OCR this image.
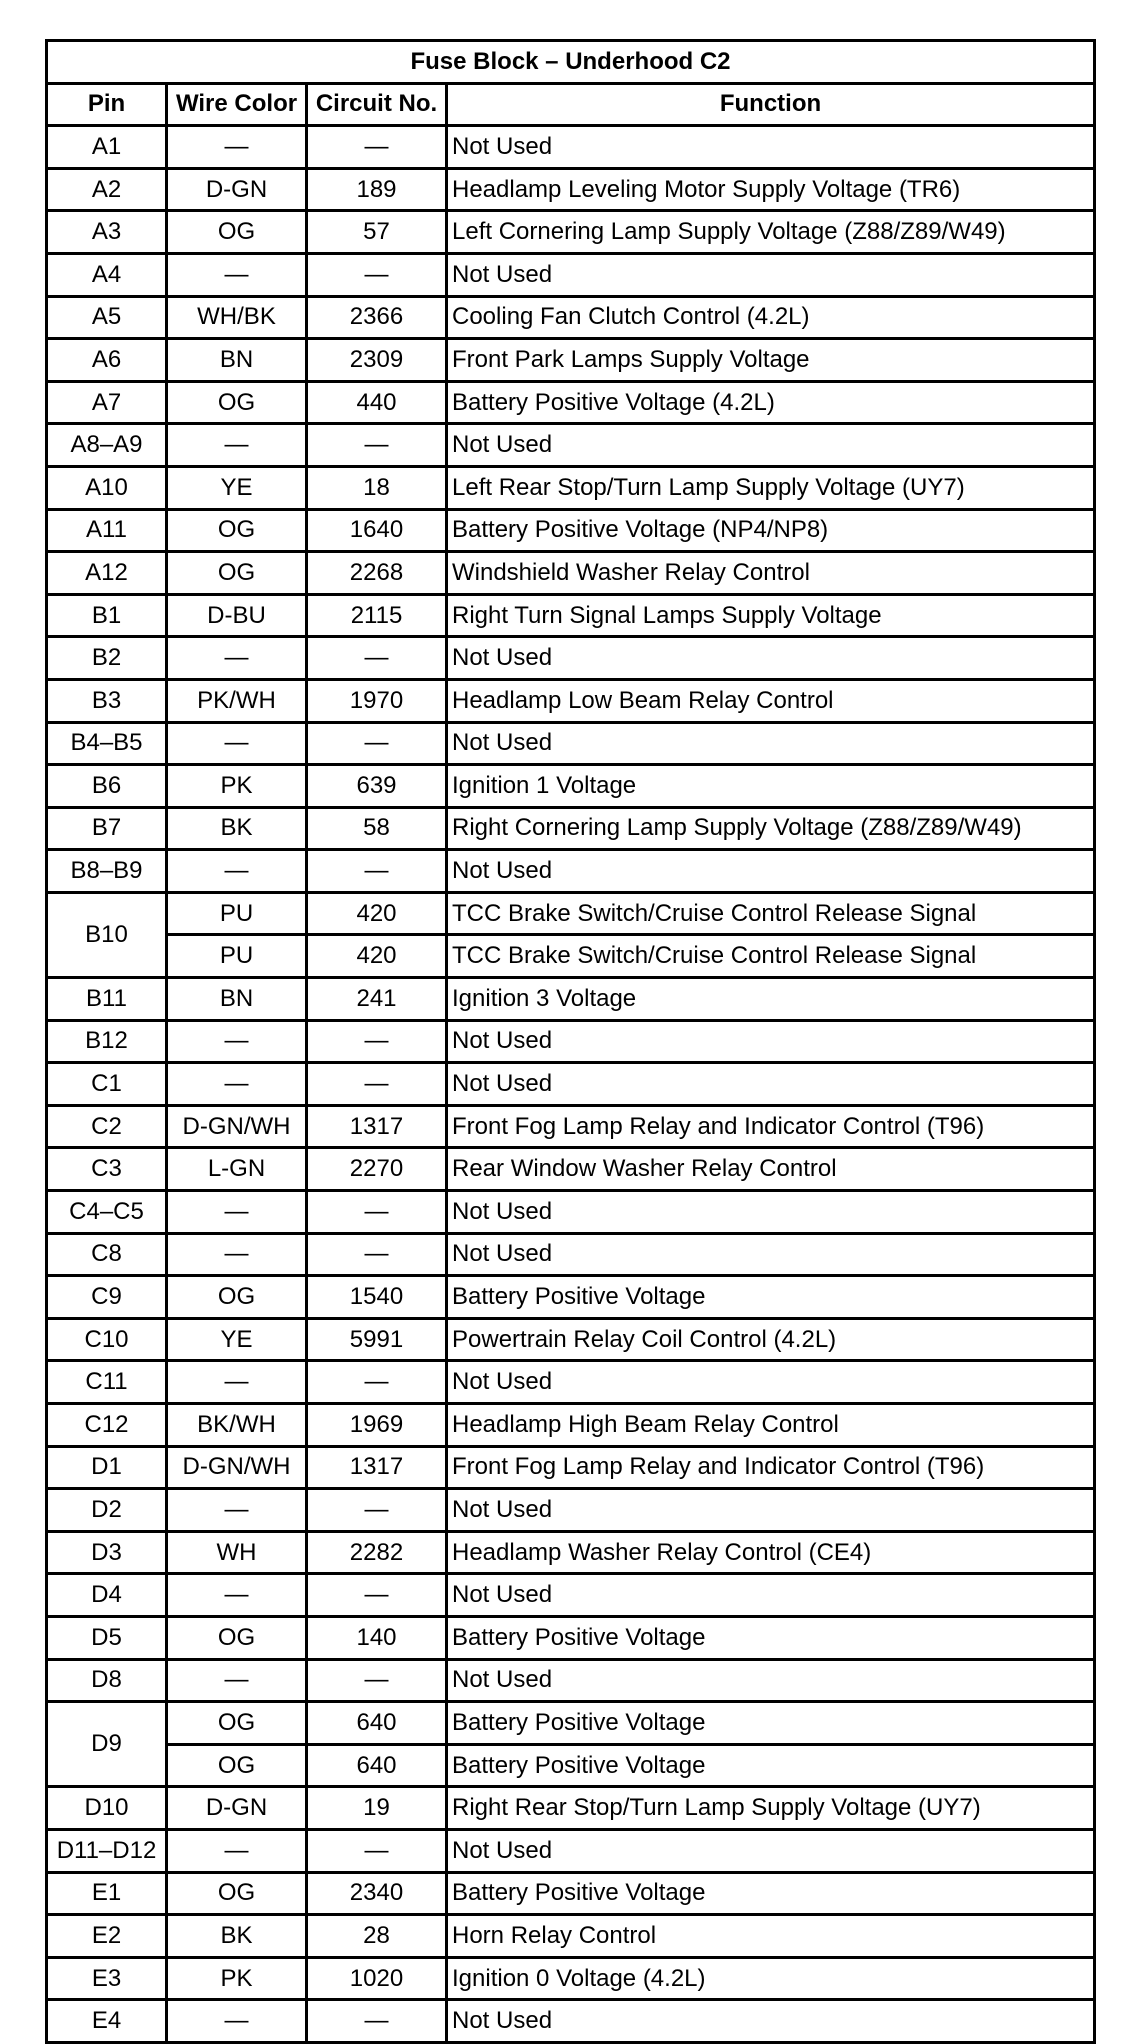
Fuse Block – Underhood C2			
Pin	Wire Color	Circuit No.	Function
A1	—	—	Not Used
A2	D-GN	189	Headlamp Leveling Motor Supply Voltage (TR6)
A3	OG	57	Left Cornering Lamp Supply Voltage (Z88/Z89/W49)
A4	—	—	Not Used
A5	WH/BK	2366	Cooling Fan Clutch Control (4.2L)
A6	BN	2309	Front Park Lamps Supply Voltage
A7	OG	440	Battery Positive Voltage (4.2L)
A8–A9	—	—	Not Used
A10	YE	18	Left Rear Stop/Turn Lamp Supply Voltage (UY7)
A11	OG	1640	Battery Positive Voltage (NP4/NP8)
A12	OG	2268	Windshield Washer Relay Control
B1	D-BU	2115	Right Turn Signal Lamps Supply Voltage
B2	—	—	Not Used
B3	PK/WH	1970	Headlamp Low Beam Relay Control
B4–B5	—	—	Not Used
B6	PK	639	Ignition 1 Voltage
B7	BK	58	Right Cornering Lamp Supply Voltage (Z88/Z89/W49)
B8–B9	—	—	Not Used
B10	PU	420	TCC Brake Switch/Cruise Control Release Signal
	PU	420	TCC Brake Switch/Cruise Control Release Signal
B11	BN	241	Ignition 3 Voltage
B12	—	—	Not Used
C1	—	—	Not Used
C2	D-GN/WH	1317	Front Fog Lamp Relay and Indicator Control (T96)
C3	L-GN	2270	Rear Window Washer Relay Control
C4–C5	—	—	Not Used
C8	—	—	Not Used
C9	OG	1540	Battery Positive Voltage
C10	YE	5991	Powertrain Relay Coil Control (4.2L)
C11	—	—	Not Used
C12	BK/WH	1969	Headlamp High Beam Relay Control
D1	D-GN/WH	1317	Front Fog Lamp Relay and Indicator Control (T96)
D2	—	—	Not Used
D3	WH	2282	Headlamp Washer Relay Control (CE4)
D4	—	—	Not Used
D5	OG	140	Battery Positive Voltage
D8	—	—	Not Used
D9	OG	640	Battery Positive Voltage
	OG	640	Battery Positive Voltage
D10	D-GN	19	Right Rear Stop/Turn Lamp Supply Voltage (UY7)
D11–D12	—	—	Not Used
E1	OG	2340	Battery Positive Voltage
E2	BK	28	Horn Relay Control
E3	PK	1020	Ignition 0 Voltage (4.2L)
E4	—	—	Not Used
